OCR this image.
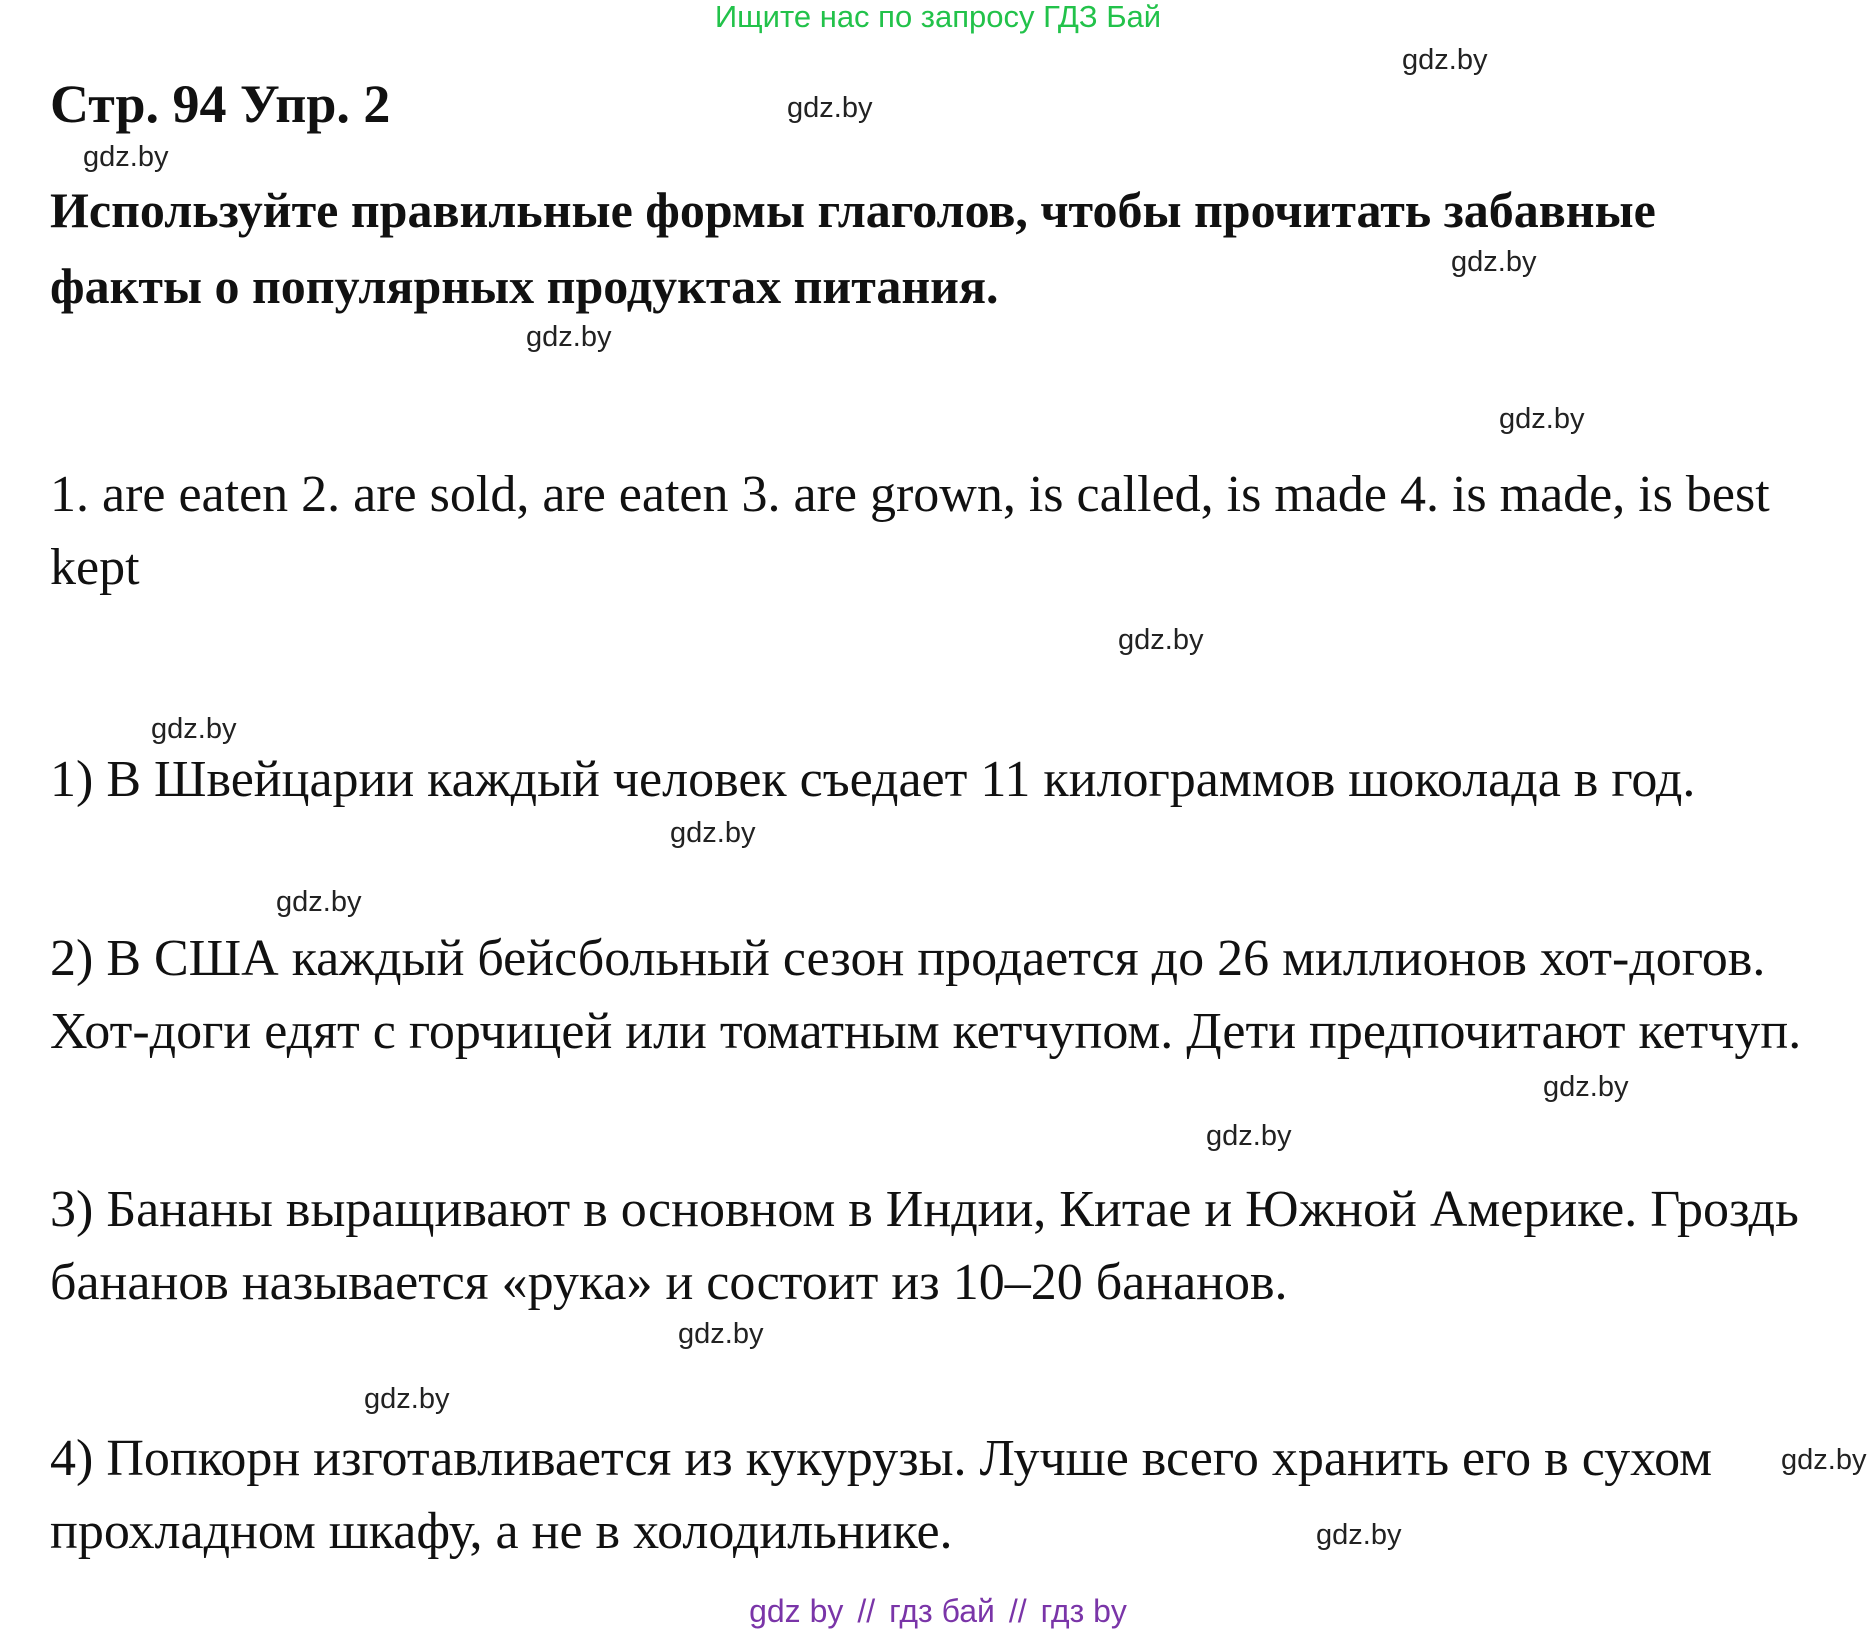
Ищите нас по запросу ГДЗ Бай
Стр. 94 Упр. 2

Используйте правильные формы глаголов, чтобы прочитать забавные факты о популярных продуктах питания.

1. are eaten 2. are sold, are eaten 3. are grown, is called, is made 4. is made, is best kept

1) В Швейцарии каждый человек съедает 11 килограммов шоколада в год.

2) В США каждый бейсбольный сезон продается до 26 миллионов хот-догов. Хот-доги едят с горчицей или томатным кетчупом. Дети предпочитают кетчуп.

3) Бананы выращивают в основном в Индии, Китае и Южной Америке. Гроздь бананов называется «рука» и состоит из 10–20 бананов.

4) Попкорн изготавливается из кукурузы. Лучше всего хранить его в сухом прохладном шкафу, а не в холодильнике.

gdz.by
gdz.by
gdz.by
gdz.by
gdz.by
gdz.by
gdz.by
gdz.by
gdz.by
gdz.by
gdz.by
gdz.by
gdz.by
gdz.by
gdz.by
gdz.by
gdz by // гдз бай // гдз by
